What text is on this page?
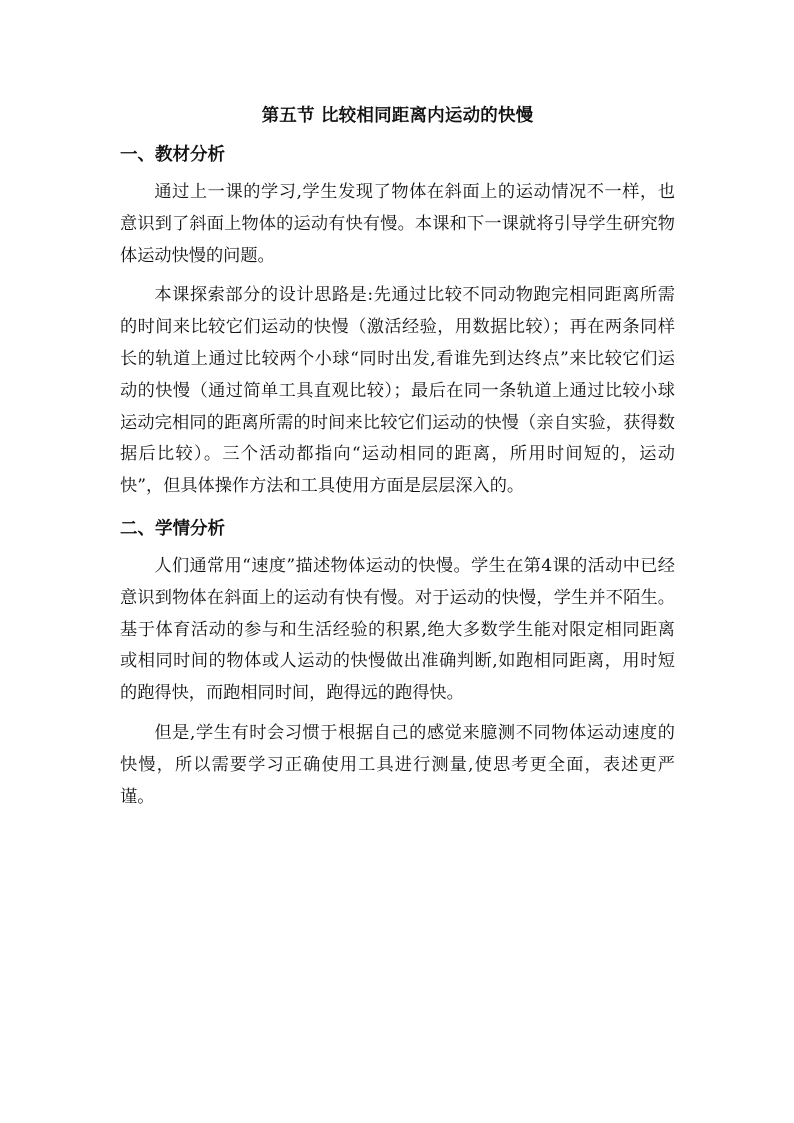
第五节 比较相同距离内运动的快慢
一、教材分析

通过上一课的学习,学生发现了物体在斜面上的运动情况不一样，也意识到了斜面上物体的运动有快有慢。本课和下一课就将引导学生研究物体运动快慢的问题。

本课探索部分的设计思路是:先通过比较不同动物跑完相同距离所需的时间来比较它们运动的快慢（激活经验，用数据比较）；再在两条同样长的轨道上通过比较两个小球“同时出发,看谁先到达终点”来比较它们运动的快慢（通过简单工具直观比较）；最后在同一条轨道上通过比较小球运动完相同的距离所需的时间来比较它们运动的快慢（亲自实验，获得数据后比较）。三个活动都指向“运动相同的距离，所用时间短的，运动快”，但具体操作方法和工具使用方面是层层深入的。

二、学情分析

人们通常用“速度”描述物体运动的快慢。学生在第4课的活动中已经意识到物体在斜面上的运动有快有慢。对于运动的快慢，学生并不陌生。基于体育活动的参与和生活经验的积累,绝大多数学生能对限定相同距离或相同时间的物体或人运动的快慢做出准确判断,如跑相同距离，用时短的跑得快，而跑相同时间，跑得远的跑得快。

但是,学生有时会习惯于根据自己的感觉来臆测不同物体运动速度的快慢，所以需要学习正确使用工具进行测量,使思考更全面，表述更严谨。
